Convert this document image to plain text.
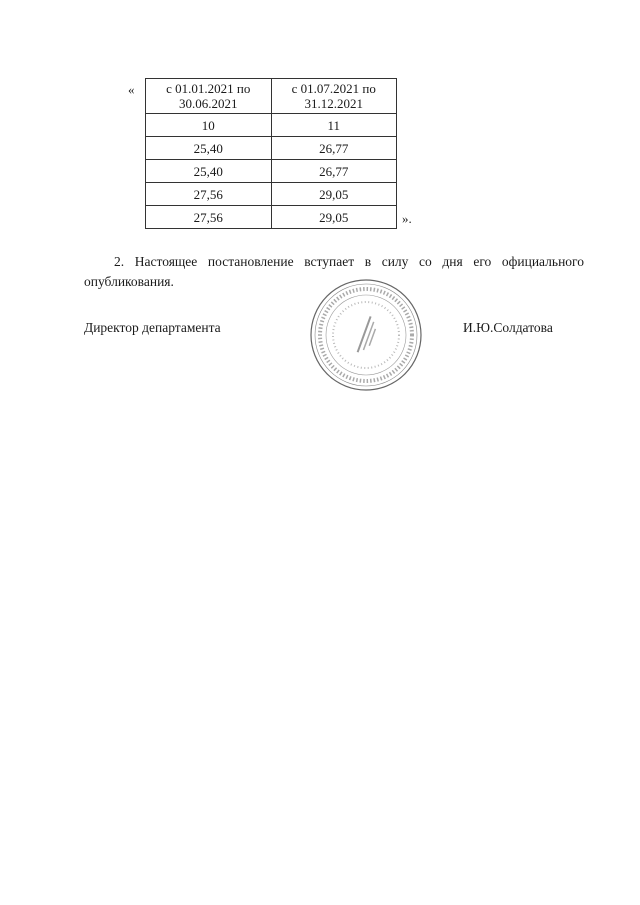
« с 01.01.2021 по 30.06.2021	с 01.07.2021 по 31.12.2021
10	11
25,40	26,77
25,40	26,77
27,56	29,05
27,56	29,05	».

2. Настоящее постановление вступает в силу со дня его официального опубликования.

Директор департамента	И.Ю.Солдатова
